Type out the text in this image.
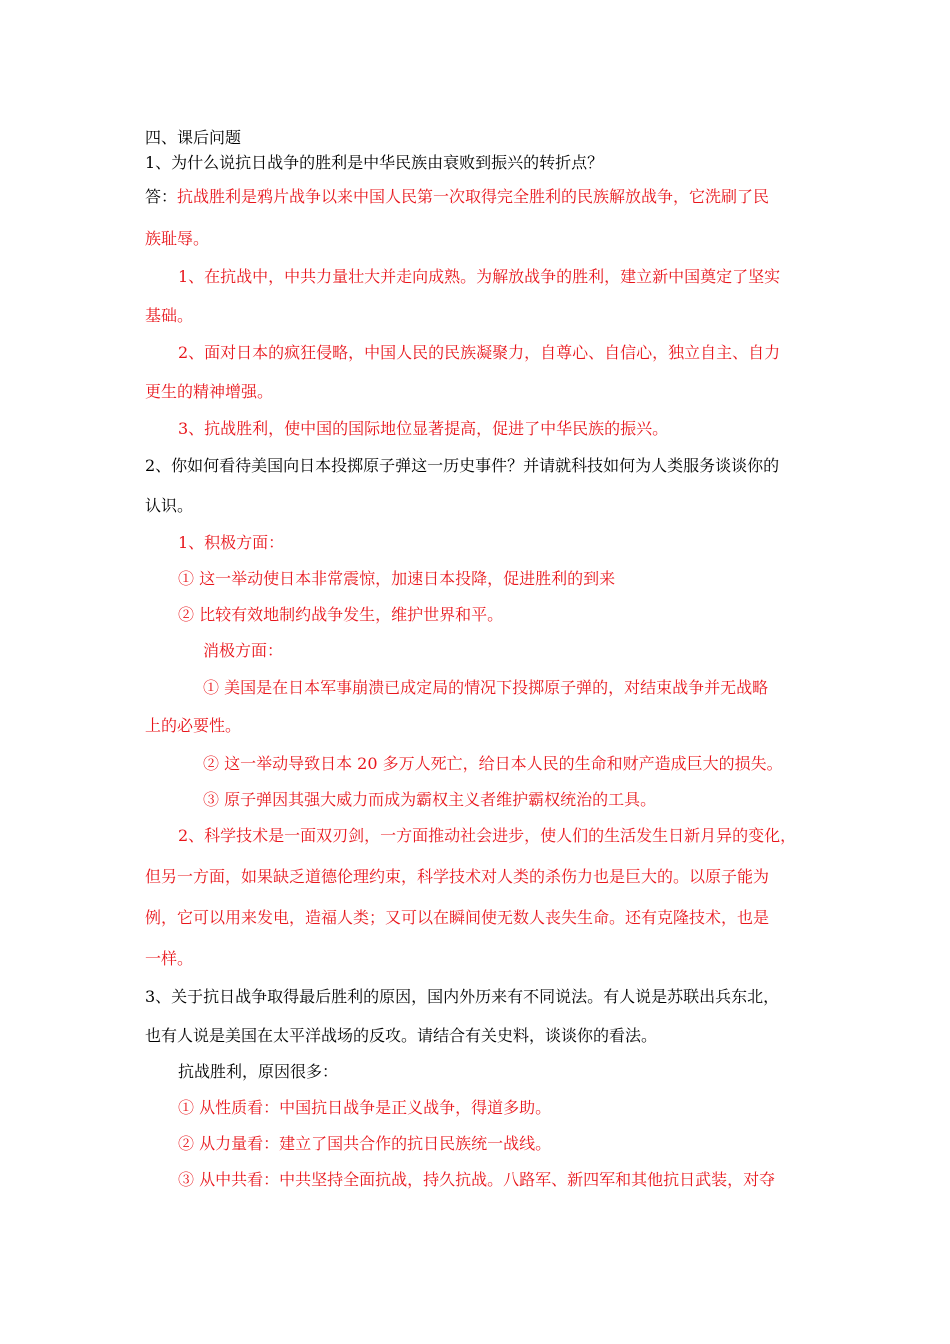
四、课后问题
1、为什么说抗日战争的胜利是中华民族由衰败到振兴的转折点？
答：抗战胜利是鸦片战争以来中国人民第一次取得完全胜利的民族解放战争，它洗刷了民
族耻辱。
1、在抗战中，中共力量壮大并走向成熟。为解放战争的胜利，建立新中国奠定了坚实
基础。
2、面对日本的疯狂侵略，中国人民的民族凝聚力，自尊心、自信心，独立自主、自力
更生的精神增强。
3、抗战胜利，使中国的国际地位显著提高，促进了中华民族的振兴。
2、你如何看待美国向日本投掷原子弹这一历史事件？并请就科技如何为人类服务谈谈你的
认识。
1、积极方面：
① 这一举动使日本非常震惊，加速日本投降，促进胜利的到来
② 比较有效地制约战争发生，维护世界和平。
消极方面：
① 美国是在日本军事崩溃已成定局的情况下投掷原子弹的，对结束战争并无战略
上的必要性。
② 这一举动导致日本 20 多万人死亡，给日本人民的生命和财产造成巨大的损失。
③ 原子弹因其强大威力而成为霸权主义者维护霸权统治的工具。
2、科学技术是一面双刃剑，一方面推动社会进步，使人们的生活发生日新月异的变化，
但另一方面，如果缺乏道德伦理约束，科学技术对人类的杀伤力也是巨大的。以原子能为
例，它可以用来发电，造福人类；又可以在瞬间使无数人丧失生命。还有克隆技术，也是
一样。
3、关于抗日战争取得最后胜利的原因，国内外历来有不同说法。有人说是苏联出兵东北，
也有人说是美国在太平洋战场的反攻。请结合有关史料，谈谈你的看法。
抗战胜利，原因很多：
① 从性质看：中国抗日战争是正义战争，得道多助。
② 从力量看：建立了国共合作的抗日民族统一战线。
③ 从中共看：中共坚持全面抗战，持久抗战。八路军、新四军和其他抗日武装，对夺
